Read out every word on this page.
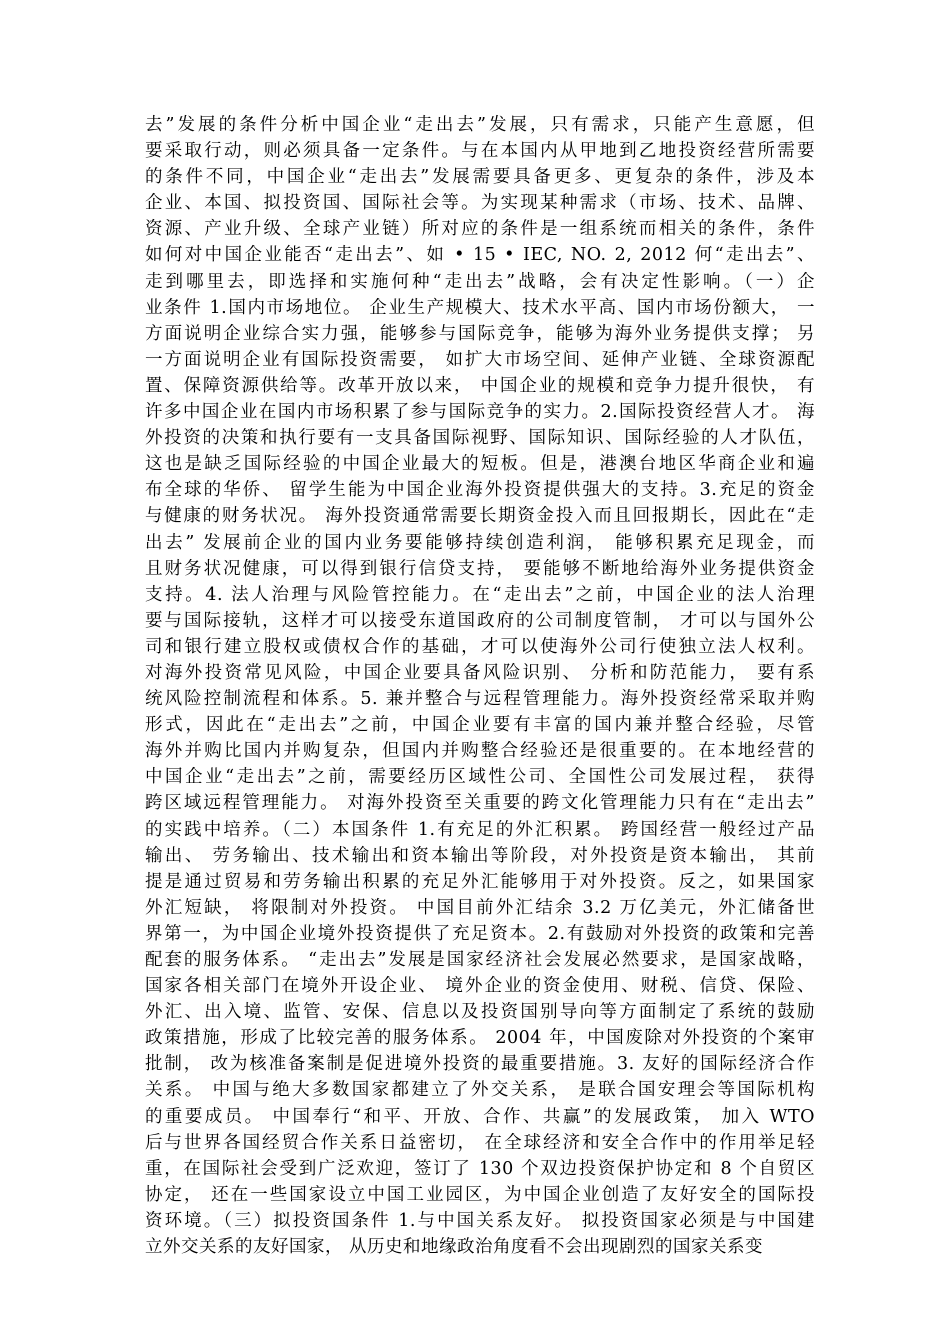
去”发展的条件分析中国企业“走出去”发展，只有需求，只能产生意愿，但
要采取行动，则必须具备一定条件。与在本国内从甲地到乙地投资经营所需要
的条件不同，中国企业“走出去”发展需要具备更多、更复杂的条件，涉及本
企业、本国、拟投资国、国际社会等。为实现某种需求（市场、技术、品牌、
资源、产业升级、全球产业链）所对应的条件是一组系统而相关的条件，条件
如何对中国企业能否“走出去”、如 • 15 • IEC, NO. 2, 2012 何“走出去”、
走到哪里去，即选择和实施何种“走出去”战略，会有决定性影响。（一）企
业条件 1.国内市场地位。 企业生产规模大、技术水平高、国内市场份额大， 一
方面说明企业综合实力强，能够参与国际竞争，能够为海外业务提供支撑； 另
一方面说明企业有国际投资需要， 如扩大市场空间、延伸产业链、全球资源配
置、保障资源供给等。改革开放以来， 中国企业的规模和竞争力提升很快， 有
许多中国企业在国内市场积累了参与国际竞争的实力。2.国际投资经营人才。 海
外投资的决策和执行要有一支具备国际视野、国际知识、国际经验的人才队伍，
这也是缺乏国际经验的中国企业最大的短板。但是，港澳台地区华商企业和遍
布全球的华侨、 留学生能为中国企业海外投资提供强大的支持。3.充足的资金
与健康的财务状况。 海外投资通常需要长期资金投入而且回报期长，因此在“走
出去” 发展前企业的国内业务要能够持续创造利润， 能够积累充足现金，而
且财务状况健康，可以得到银行信贷支持， 要能够不断地给海外业务提供资金
支持。4. 法人治理与风险管控能力。在“走出去”之前，中国企业的法人治理
要与国际接轨，这样才可以接受东道国政府的公司制度管制， 才可以与国外公
司和银行建立股权或债权合作的基础，才可以使海外公司行使独立法人权利。
对海外投资常见风险，中国企业要具备风险识别、 分析和防范能力， 要有系
统风险控制流程和体系。5. 兼并整合与远程管理能力。海外投资经常采取并购
形式，因此在“走出去”之前，中国企业要有丰富的国内兼并整合经验，尽管
海外并购比国内并购复杂，但国内并购整合经验还是很重要的。在本地经营的
中国企业“走出去”之前，需要经历区域性公司、全国性公司发展过程， 获得
跨区域远程管理能力。 对海外投资至关重要的跨文化管理能力只有在“走出去”
的实践中培养。（二）本国条件 1.有充足的外汇积累。 跨国经营一般经过产品
输出、 劳务输出、技术输出和资本输出等阶段，对外投资是资本输出， 其前
提是通过贸易和劳务输出积累的充足外汇能够用于对外投资。反之，如果国家
外汇短缺， 将限制对外投资。 中国目前外汇结余 3.2 万亿美元，外汇储备世
界第一，为中国企业境外投资提供了充足资本。2.有鼓励对外投资的政策和完善
配套的服务体系。 “走出去”发展是国家经济社会发展必然要求，是国家战略，
国家各相关部门在境外开设企业、 境外企业的资金使用、财税、信贷、保险、
外汇、出入境、监管、安保、信息以及投资国别导向等方面制定了系统的鼓励
政策措施，形成了比较完善的服务体系。 2004 年，中国废除对外投资的个案审
批制， 改为核准备案制是促进境外投资的最重要措施。3. 友好的国际经济合作
关系。 中国与绝大多数国家都建立了外交关系， 是联合国安理会等国际机构
的重要成员。 中国奉行“和平、开放、合作、共赢”的发展政策， 加入 WTO
后与世界各国经贸合作关系日益密切， 在全球经济和安全合作中的作用举足轻
重，在国际社会受到广泛欢迎，签订了 130 个双边投资保护协定和 8 个自贸区
协定， 还在一些国家设立中国工业园区，为中国企业创造了友好安全的国际投
资环境。（三）拟投资国条件 1.与中国关系友好。 拟投资国家必须是与中国建
立外交关系的友好国家， 从历史和地缘政治角度看不会出现剧烈的国家关系变
